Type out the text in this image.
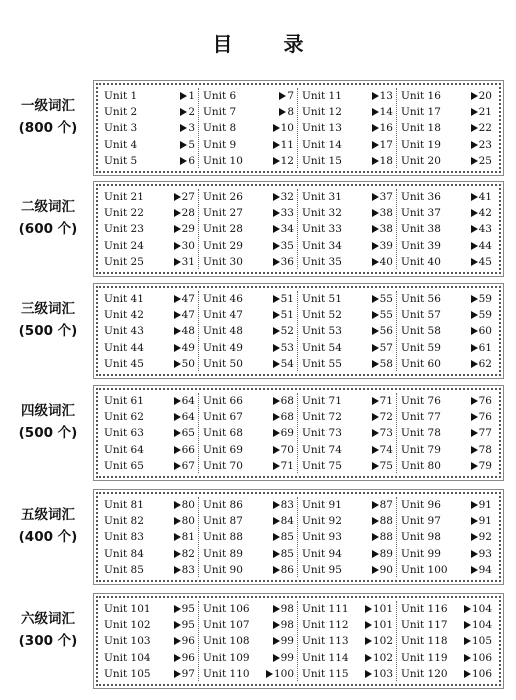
目 录
一级词汇
(800 个)
Unit 1	1
Unit 2	2
Unit 3	3
Unit 4	5
Unit 5	6
Unit 6	7
Unit 7	8
Unit 8	10
Unit 9	11
Unit 10	12
Unit 11	13
Unit 12	14
Unit 13	16
Unit 14	17
Unit 15	18
Unit 16	20
Unit 17	21
Unit 18	22
Unit 19	23
Unit 20	25
二级词汇
(600 个)
Unit 21	27
Unit 22	28
Unit 23	29
Unit 24	30
Unit 25	31
Unit 26	32
Unit 27	33
Unit 28	34
Unit 29	35
Unit 30	36
Unit 31	37
Unit 32	38
Unit 33	38
Unit 34	39
Unit 35	40
Unit 36	41
Unit 37	42
Unit 38	43
Unit 39	44
Unit 40	45
三级词汇
(500 个)
Unit 41	47
Unit 42	47
Unit 43	48
Unit 44	49
Unit 45	50
Unit 46	51
Unit 47	51
Unit 48	52
Unit 49	53
Unit 50	54
Unit 51	55
Unit 52	55
Unit 53	56
Unit 54	57
Unit 55	58
Unit 56	59
Unit 57	59
Unit 58	60
Unit 59	61
Unit 60	62
四级词汇
(500 个)
Unit 61	64
Unit 62	64
Unit 63	65
Unit 64	66
Unit 65	67
Unit 66	68
Unit 67	68
Unit 68	69
Unit 69	70
Unit 70	71
Unit 71	71
Unit 72	72
Unit 73	73
Unit 74	74
Unit 75	75
Unit 76	76
Unit 77	76
Unit 78	77
Unit 79	78
Unit 80	79
五级词汇
(400 个)
Unit 81	80
Unit 82	80
Unit 83	81
Unit 84	82
Unit 85	83
Unit 86	83
Unit 87	84
Unit 88	85
Unit 89	85
Unit 90	86
Unit 91	87
Unit 92	88
Unit 93	88
Unit 94	89
Unit 95	90
Unit 96	91
Unit 97	91
Unit 98	92
Unit 99	93
Unit 100	94
六级词汇
(300 个)
Unit 101	95
Unit 102	95
Unit 103	96
Unit 104	96
Unit 105	97
Unit 106	98
Unit 107	98
Unit 108	99
Unit 109	99
Unit 110 100
Unit 111 101
Unit 112 101
Unit 113 102
Unit 114 102
Unit 115 103
Unit 116 104
Unit 117 104
Unit 118 105
Unit 119 106
Unit 120 106
